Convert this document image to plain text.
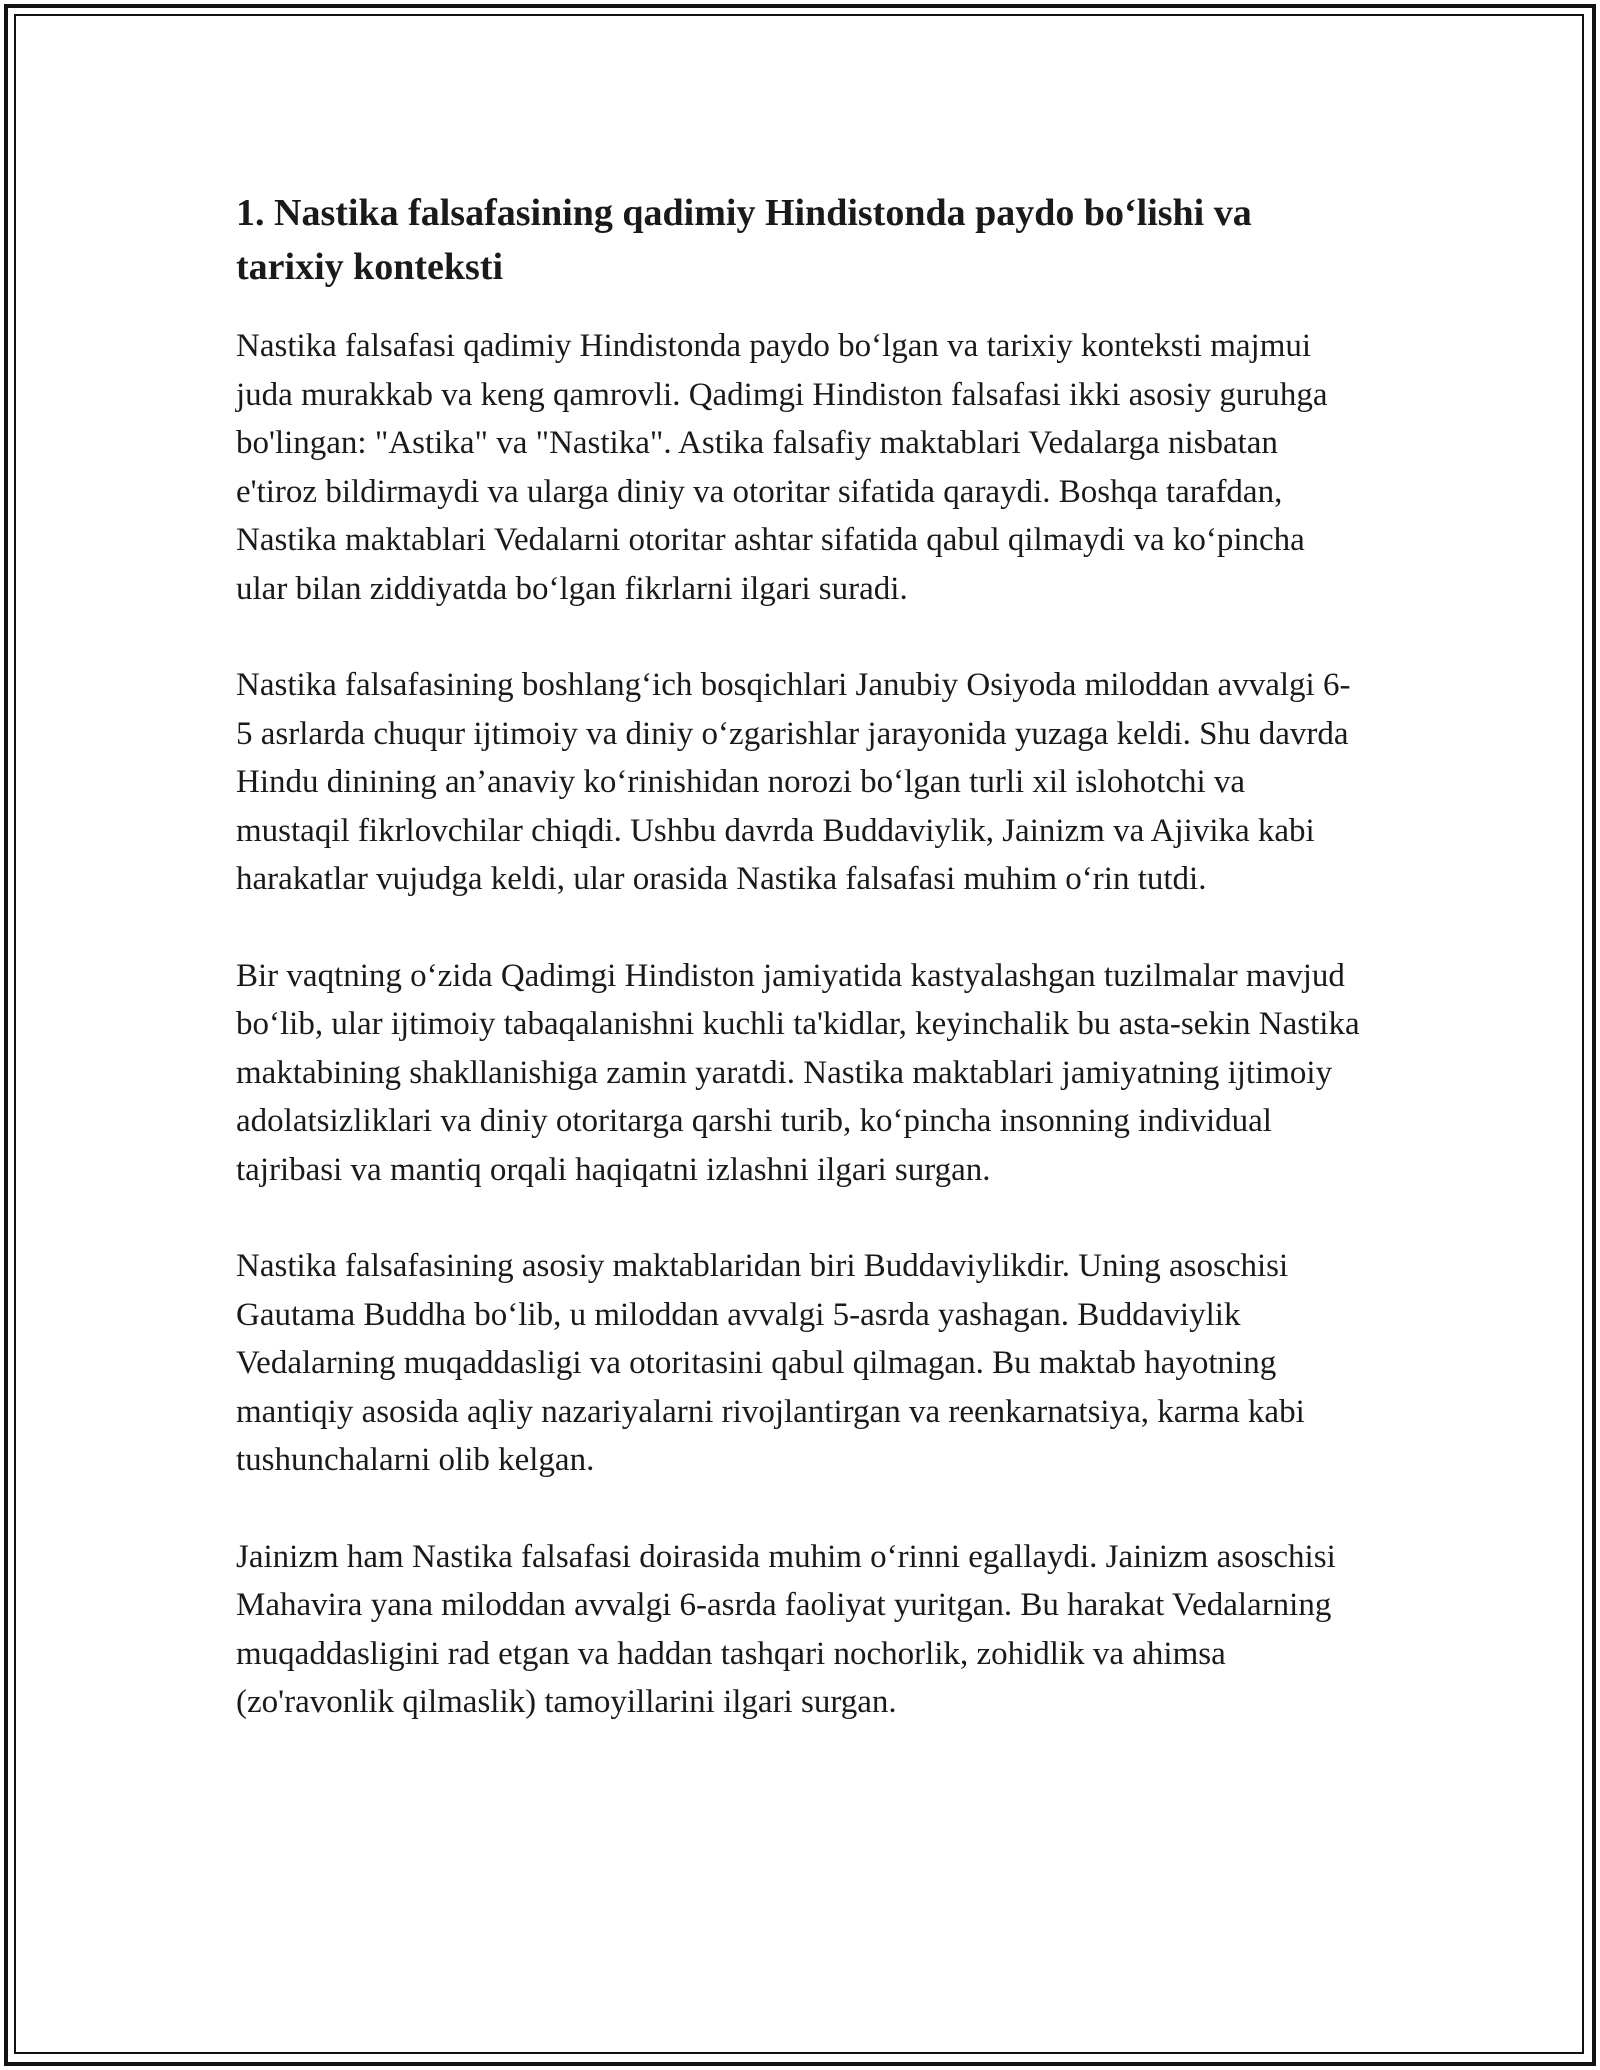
1. Nastika falsafasining qadimiy Hindistonda paydo bo‘lishi va tarixiy konteksti

Nastika falsafasi qadimiy Hindistonda paydo bo‘lgan va tarixiy konteksti majmui juda murakkab va keng qamrovli. Qadimgi Hindiston falsafasi ikki asosiy guruhga bo'lingan: "Astika" va "Nastika". Astika falsafiy maktablari Vedalarga nisbatan e'tiroz bildirmaydi va ularga diniy va otoritar sifatida qaraydi. Boshqa tarafdan, Nastika maktablari Vedalarni otoritar ashtar sifatida qabul qilmaydi va ko‘pincha ular bilan ziddiyatda bo‘lgan fikrlarni ilgari suradi.

Nastika falsafasining boshlang‘ich bosqichlari Janubiy Osiyoda miloddan avvalgi 6-5 asrlarda chuqur ijtimoiy va diniy o‘zgarishlar jarayonida yuzaga keldi. Shu davrda Hindu dinining an’anaviy ko‘rinishidan norozi bo‘lgan turli xil islohotchi va mustaqil fikrlovchilar chiqdi. Ushbu davrda Buddaviylik, Jainizm va Ajivika kabi harakatlar vujudga keldi, ular orasida Nastika falsafasi muhim o‘rin tutdi.

Bir vaqtning o‘zida Qadimgi Hindiston jamiyatida kastyalashgan tuzilmalar mavjud bo‘lib, ular ijtimoiy tabaqalanishni kuchli ta'kidlar, keyinchalik bu asta-sekin Nastika maktabining shakllanishiga zamin yaratdi. Nastika maktablari jamiyatning ijtimoiy adolatsizliklari va diniy otoritarga qarshi turib, ko‘pincha insonning individual tajribasi va mantiq orqali haqiqatni izlashni ilgari surgan.

Nastika falsafasining asosiy maktablaridan biri Buddaviylikdir. Uning asoschisi Gautama Buddha bo‘lib, u miloddan avvalgi 5-asrda yashagan. Buddaviylik Vedalarning muqaddasligi va otoritasini qabul qilmagan. Bu maktab hayotning mantiqiy asosida aqliy nazariyalarni rivojlantirgan va reenkarnatsiya, karma kabi tushunchalarni olib kelgan.

Jainizm ham Nastika falsafasi doirasida muhim o‘rinni egallaydi. Jainizm asoschisi Mahavira yana miloddan avvalgi 6-asrda faoliyat yuritgan. Bu harakat Vedalarning muqaddasligini rad etgan va haddan tashqari nochorlik, zohidlik va ahimsa (zo'ravonlik qilmaslik) tamoyillarini ilgari surgan.
